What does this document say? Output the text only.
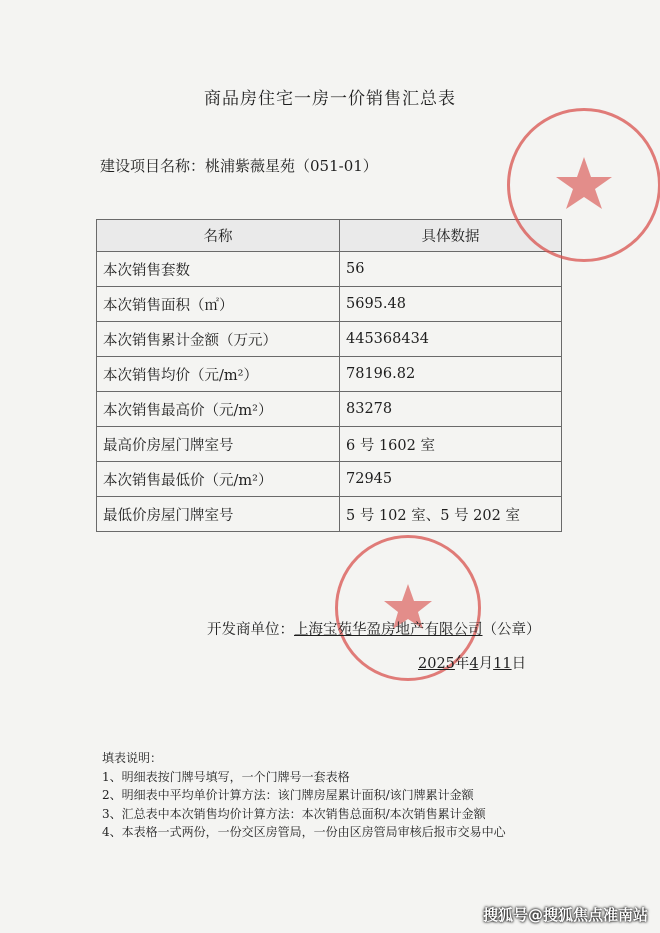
商品房住宅一房一价销售汇总表
建设项目名称：桃浦紫薇星苑（051-01）
名称	具体数据
本次销售套数	56
本次销售面积（㎡）	5695.48
本次销售累计金额（万元）	445368434
本次销售均价（元/m²）	78196.82
本次销售最高价（元/m²）	83278
最高价房屋门牌室号	6 号 1602 室
本次销售最低价（元/m²）	72945
最低价房屋门牌室号	5 号 102 室、5 号 202 室
开发商单位：上海宝苑华盈房地产有限公司（公章）
2025年4月11日
填表说明：
1、明细表按门牌号填写，一个门牌号一套表格
2、明细表中平均单价计算方法：该门牌房屋累计面积/该门牌累计金额
3、汇总表中本次销售均价计算方法：本次销售总面积/本次销售累计金额
4、本表格一式两份，一份交区房管局，一份由区房管局审核后报市交易中心
搜狐号@搜狐焦点准南站
